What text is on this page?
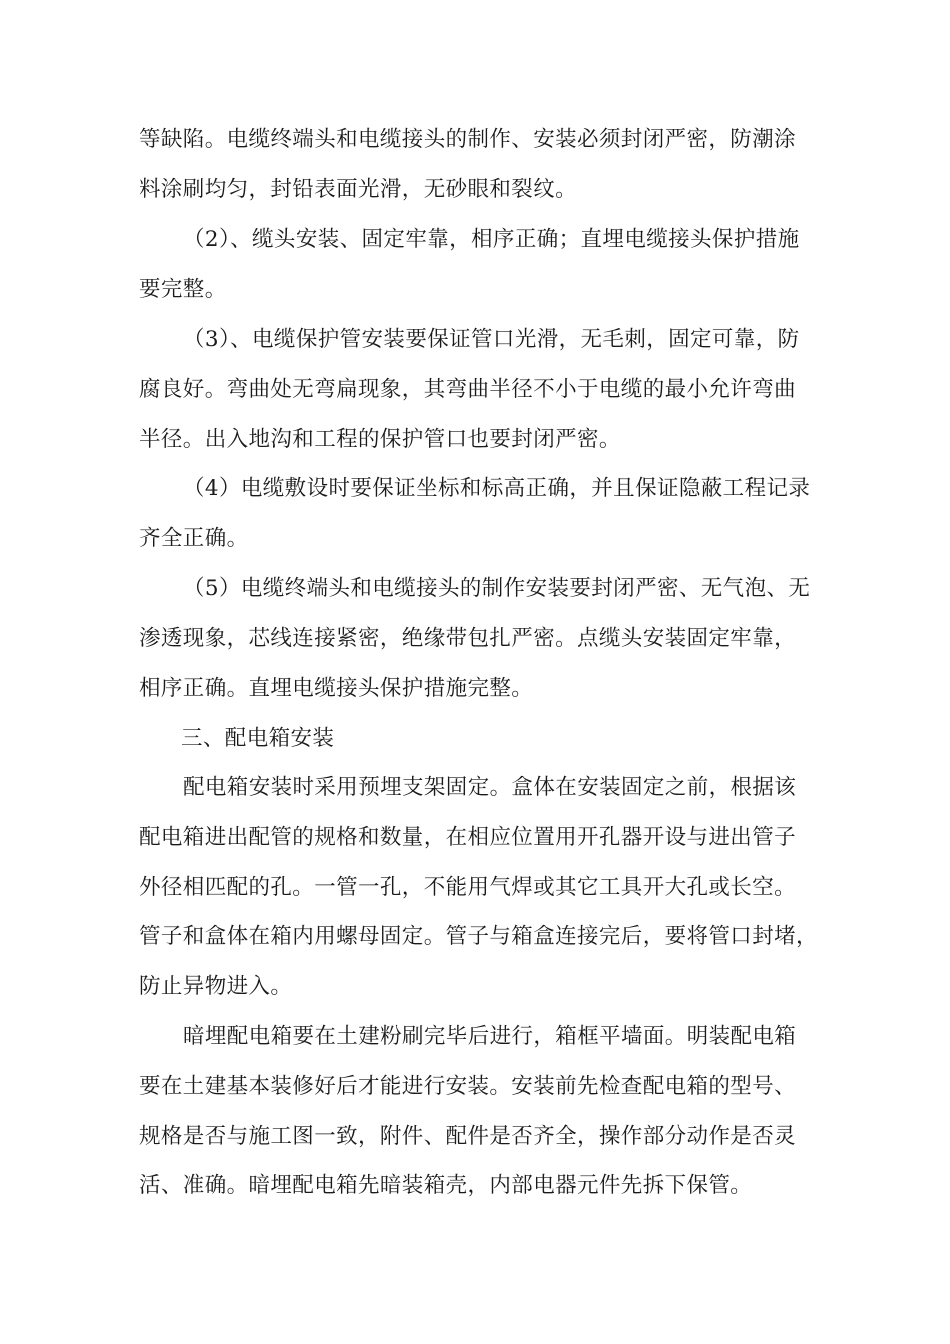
等缺陷。电缆终端头和电缆接头的制作、安装必须封闭严密，防潮涂

料涂刷均匀，封铅表面光滑，无砂眼和裂纹。

（2）、缆头安装、固定牢靠，相序正确；直埋电缆接头保护措施

要完整。

（3）、电缆保护管安装要保证管口光滑，无毛刺，固定可靠，防

腐良好。弯曲处无弯扁现象，其弯曲半径不小于电缆的最小允许弯曲

半径。出入地沟和工程的保护管口也要封闭严密。

（4）电缆敷设时要保证坐标和标高正确，并且保证隐蔽工程记录

齐全正确。

（5）电缆终端头和电缆接头的制作安装要封闭严密、无气泡、无

渗透现象，芯线连接紧密，绝缘带包扎严密。点缆头安装固定牢靠，

相序正确。直埋电缆接头保护措施完整。

三、配电箱安装

配电箱安装时采用预埋支架固定。盒体在安装固定之前，根据该

配电箱进出配管的规格和数量，在相应位置用开孔器开设与进出管子

外径相匹配的孔。一管一孔，不能用气焊或其它工具开大孔或长空。

管子和盒体在箱内用螺母固定。管子与箱盒连接完后，要将管口封堵，

防止异物进入。

暗埋配电箱要在土建粉刷完毕后进行，箱框平墙面。明装配电箱

要在土建基本装修好后才能进行安装。安装前先检查配电箱的型号、

规格是否与施工图一致，附件、配件是否齐全，操作部分动作是否灵

活、准确。暗埋配电箱先暗装箱壳，内部电器元件先拆下保管。
